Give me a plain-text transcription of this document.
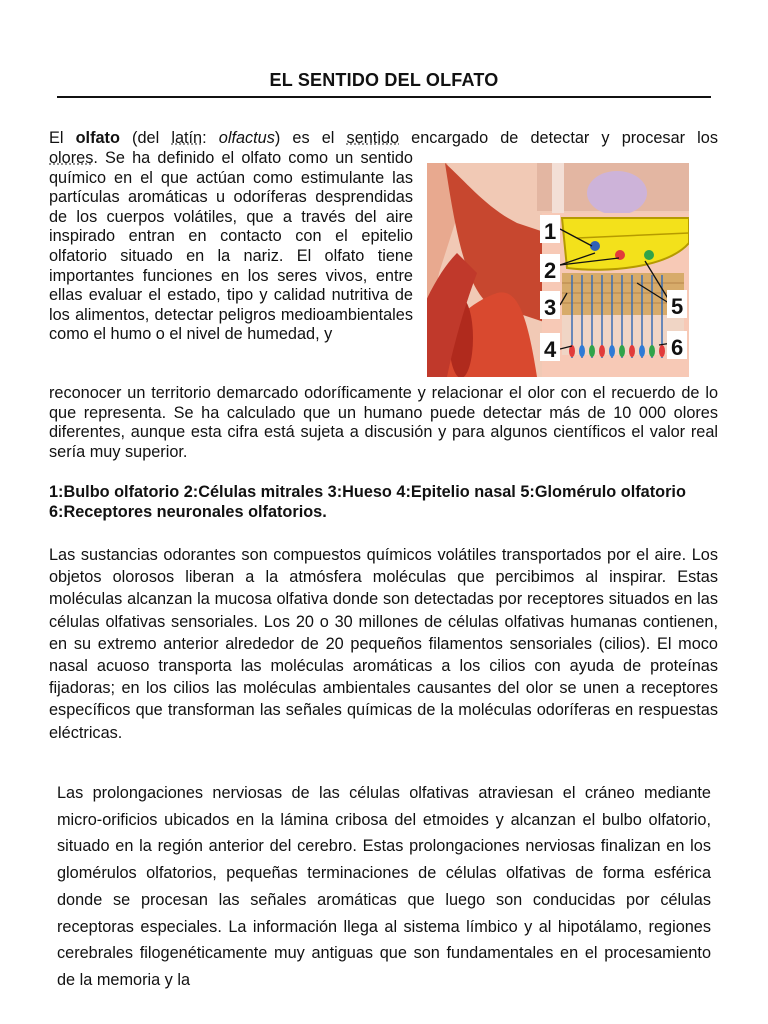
EL SENTIDO DEL OLFATO
El olfato (del latín: olfactus) es el sentido encargado de detectar y procesar los
olores. Se ha definido el olfato como un sentido químico en el que actúan como estimulante las partículas aromáticas u odoríferas desprendidas de los cuerpos volátiles, que a través del aire inspirado entran en contacto con el epitelio olfatorio situado en la nariz. El olfato tiene importantes funciones en los seres vivos, entre ellas evaluar el estado, tipo y calidad nutritiva de los alimentos, detectar peligros medioambientales como el humo o el nivel de humedad, y
1
2
3
4
5
6
reconocer un territorio demarcado odoríficamente y relacionar el olor con el recuerdo de lo que representa. Se ha calculado que un humano puede detectar más de 10 000 olores diferentes, aunque esta cifra está sujeta a discusión y para algunos científicos el valor real sería muy superior.
1:Bulbo olfatorio 2:Células mitrales 3:Hueso 4:Epitelio nasal 5:Glomérulo olfatorio 6:Receptores neuronales olfatorios.
Las sustancias odorantes son compuestos químicos volátiles transportados por el aire. Los objetos olorosos liberan a la atmósfera moléculas que percibimos al inspirar. Estas moléculas alcanzan la mucosa olfativa donde son detectadas por receptores situados en las células olfativas sensoriales. Los 20 o 30 millones de células olfativas humanas contienen, en su extremo anterior alrededor de 20 pequeños filamentos sensoriales (cilios). El moco nasal acuoso transporta las moléculas aromáticas a los cilios con ayuda de proteínas fijadoras; en los cilios las moléculas ambientales causantes del olor se unen a receptores específicos que transforman las señales químicas de la moléculas odoríferas en respuestas eléctricas.
Las prolongaciones nerviosas de las células olfativas atraviesan el cráneo mediante micro-orificios ubicados en la lámina cribosa del etmoides y alcanzan el bulbo olfatorio, situado en la región anterior del cerebro. Estas prolongaciones nerviosas finalizan en los glomérulos olfatorios, pequeñas terminaciones de células olfativas de forma esférica donde se procesan las señales aromáticas que luego son conducidas por células receptoras especiales. La información llega al sistema límbico y al hipotálamo, regiones cerebrales filogenéticamente muy antiguas que son fundamentales en el procesamiento de la memoria y la
